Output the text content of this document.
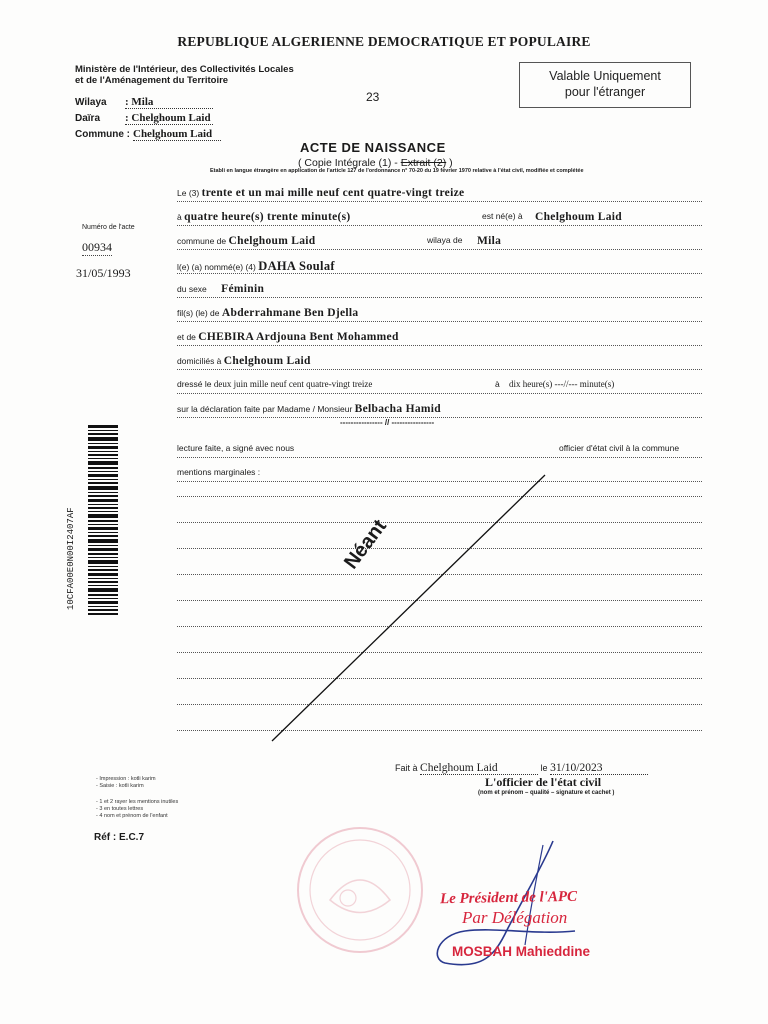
REPUBLIQUE ALGERIENNE DEMOCRATIQUE ET POPULAIRE
Ministère de l'Intérieur, des Collectivités Locales
et de l'Aménagement du Territoire
Wilaya : Mila
Daïra : Chelghoum Laid
Commune : Chelghoum Laid
23
Valable Uniquement
pour l'étranger
ACTE DE NAISSANCE
( Copie Intégrale (1) - Extrait (2) )
Etabli en langue étrangère en application de l'article 127 de l'ordonnance n° 70-20 du 19 février 1970 relative à l'état civil, modifiée et complétée
Numéro de l'acte
00934
31/05/1993
10CFA00E0N00I2407AF
Le (3) trente et un mai mille neuf cent quatre-vingt treize
à quatre heure(s) trente minute(s)	est né(e) à Chelghoum Laid
commune de Chelghoum Laid	wilaya de Mila
l(e) (a) nommé(e) (4) DAHA Soulaf
du sexe Féminin
fil(s) (le) de Abderrahmane Ben Djella
et de CHEBIRA Ardjouna Bent Mohammed
domiciliés à Chelghoum Laid
dressé le deux juin mille neuf cent quatre-vingt treize	à dix heure(s) ---//--- minute(s)
sur la déclaration faite par Madame / Monsieur Belbacha Hamid
---------------- // ----------------
lecture faite, a signé avec nous	officier d'état civil à la commune
mentions marginales :
Néant
Fait à Chelghoum Laid	le 31/10/2023
L'officier de l'état civil
(nom et prénom – qualité – signature et cachet )
- Impression : kotli karim
- Saisie : kotli karim
- 1 et 2 rayer les mentions inutiles
- 3 en toutes lettres
- 4 nom et prénom de l'enfant
Réf : E.C.7
Le Président de l'APC
Par Délégation
MOSBAH Mahieddine
